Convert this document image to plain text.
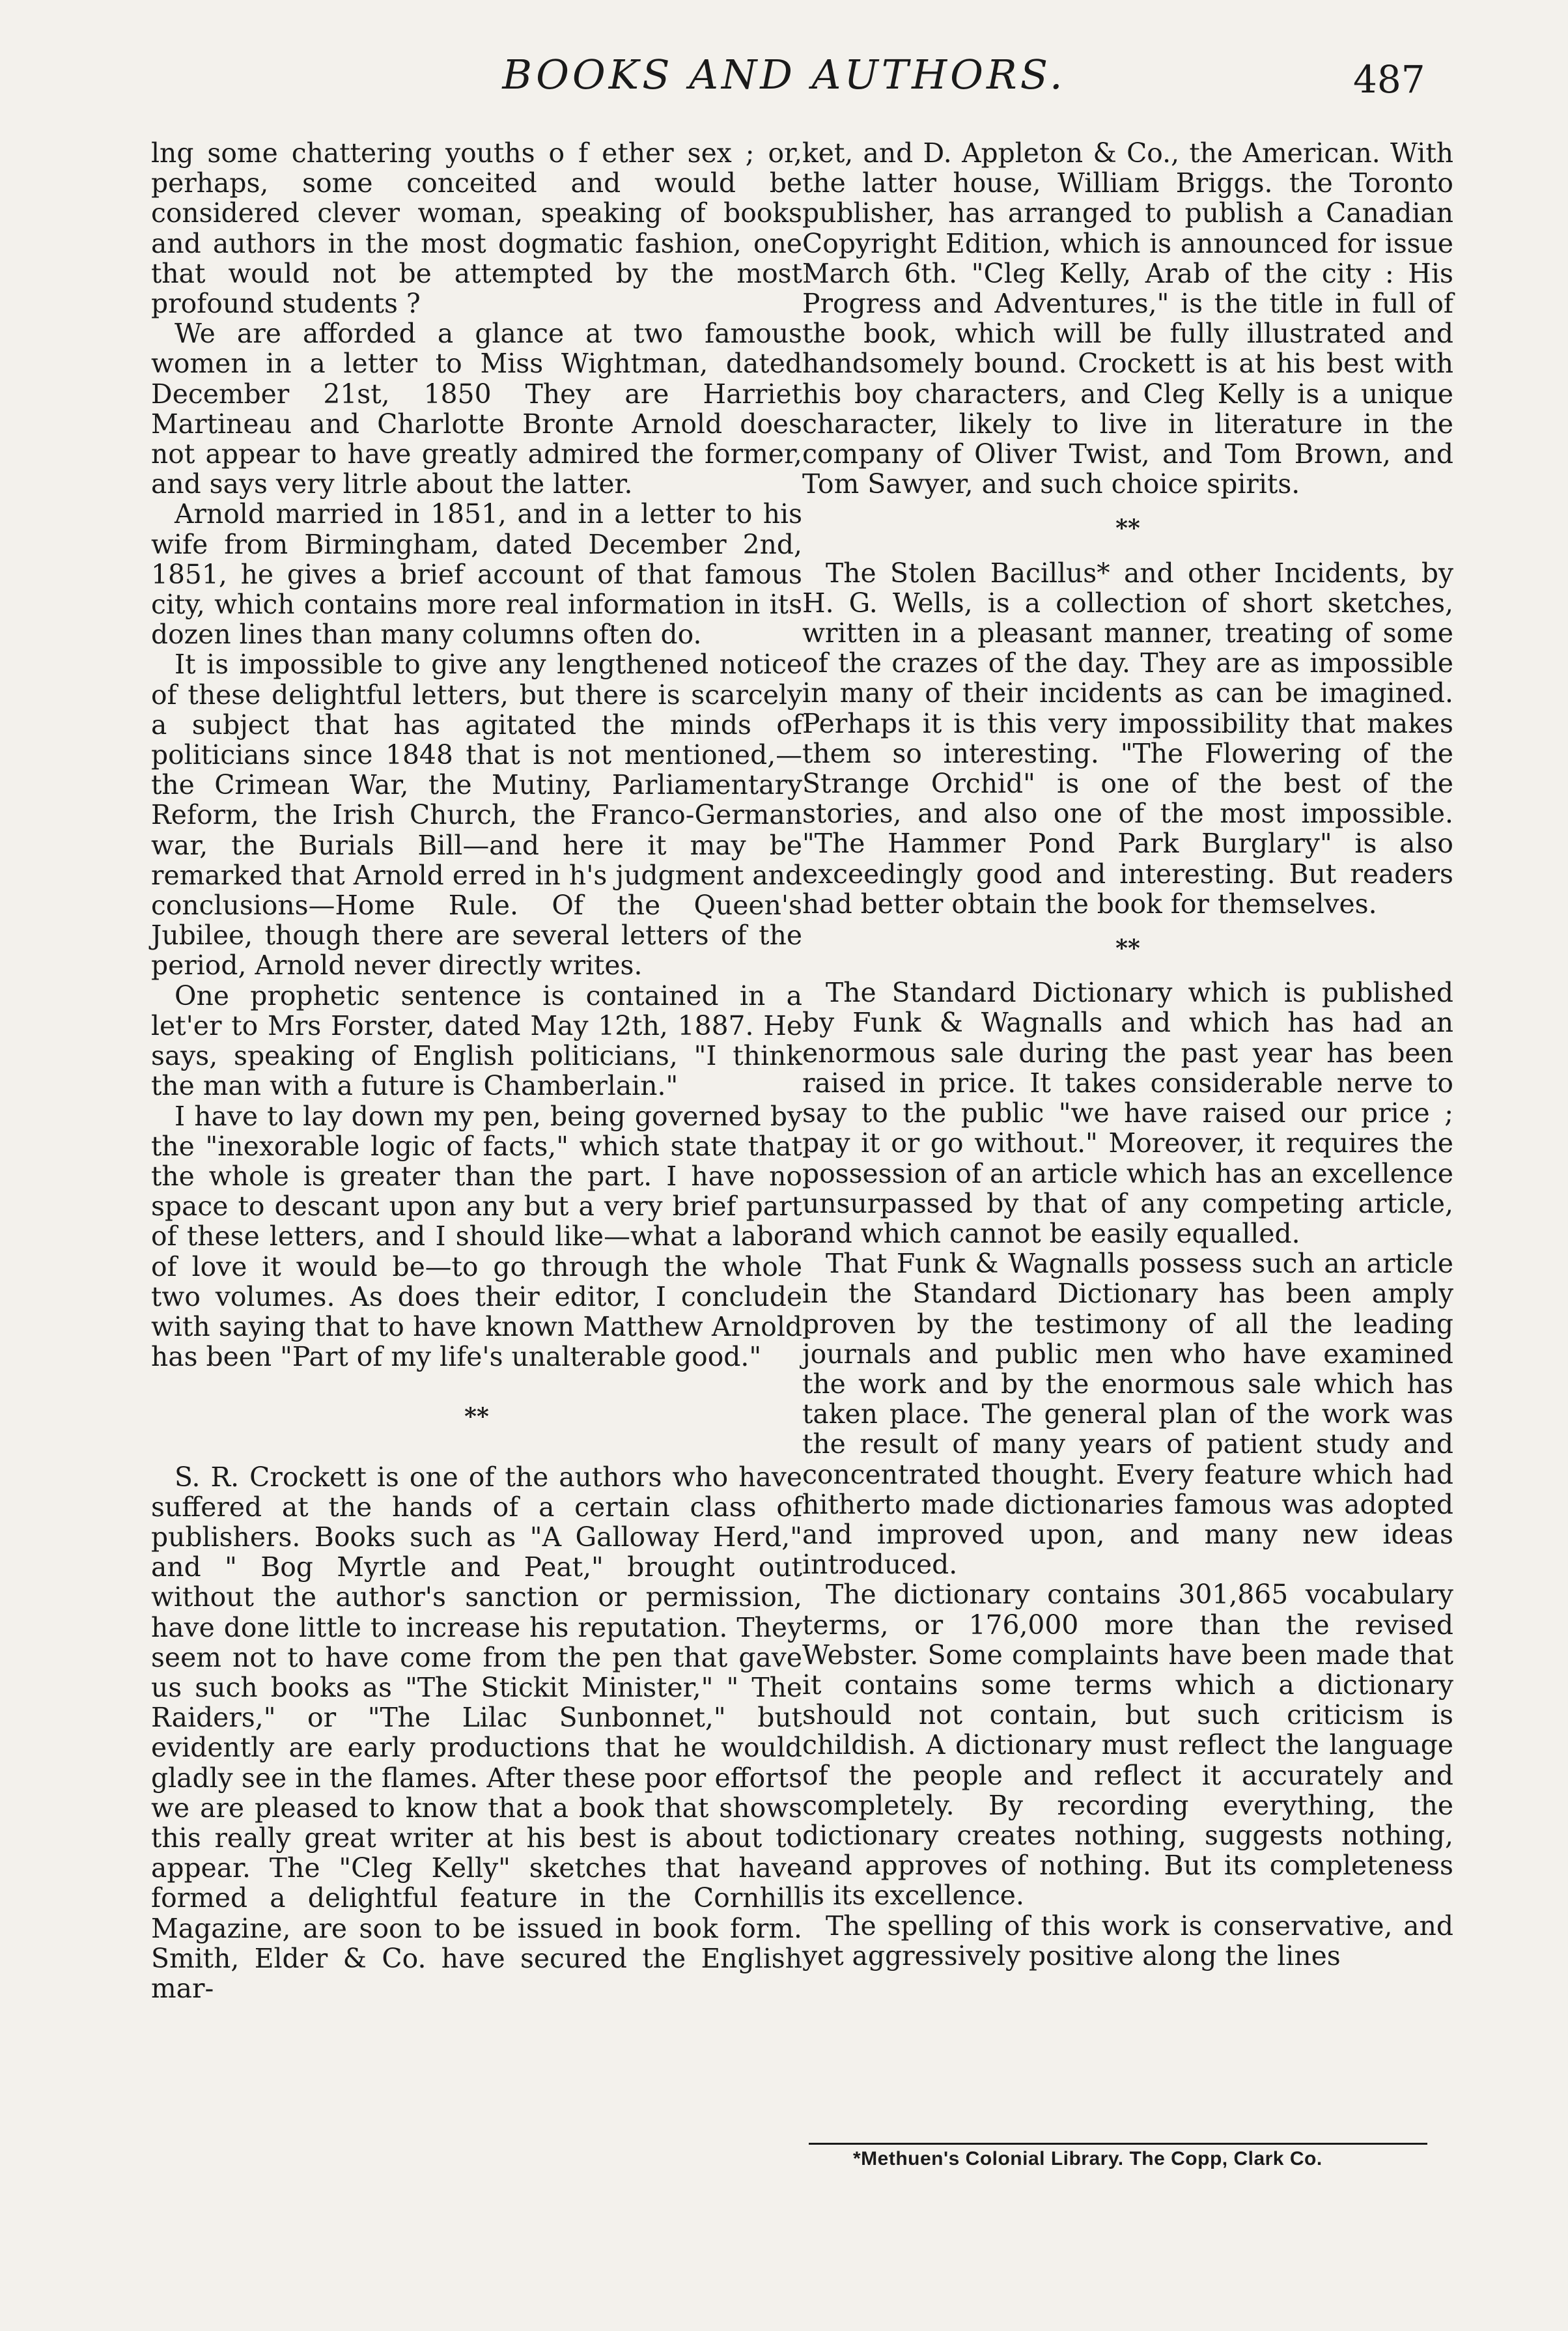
BOOKS AND AUTHORS.	487

lng some chattering youths o f ether sex ; or, perhaps, some conceited and would be considered clever woman, speaking of books and authors in the most dogmatic fashion, one that would not be attempted by the most profound students ?

We are afforded a glance at two famous women in a letter to Miss Wightman, dated December 21st, 1850 They are Harriet Martineau and Charlotte Bronte Arnold does not appear to have greatly admired the former, and says very litrle about the latter.

Arnold married in 1851, and in a letter to his wife from Birmingham, dated December 2nd, 1851, he gives a brief account of that famous city, which contains more real information in its dozen lines than many columns often do.

It is impossible to give any lengthened notice of these delightful letters, but there is scarcely a subject that has agitated the minds of politicians since 1848 that is not mentioned,—the Crimean War, the Mutiny, Parliamentary Reform, the Irish Church, the Franco-German war, the Burials Bill—and here it may be remarked that Arnold erred in h's judgment and conclusions—Home Rule. Of the Queen's Jubilee, though there are several letters of the period, Arnold never directly writes.

One prophetic sentence is contained in a let'er to Mrs Forster, dated May 12th, 1887. He says, speaking of English politicians, "I think the man with a future is Chamberlain."

I have to lay down my pen, being governed by the "inexorable logic of facts," which state that the whole is greater than the part. I have no space to descant upon any but a very brief part of these letters, and I should like—what a labor of love it would be—to go through the whole two volumes. As does their editor, I conclude with saying that to have known Matthew Arnold has been "Part of my life's unalterable good."

**

S. R. Crockett is one of the authors who have suffered at the hands of a certain class of publishers. Books such as "A Galloway Herd," and " Bog Myrtle and Peat," brought out without the author's sanction or permission, have done little to increase his reputation. They seem not to have come from the pen that gave us such books as "The Stickit Minister," " The Raiders," or "The Lilac Sunbonnet," but evidently are early productions that he would gladly see in the flames. After these poor efforts we are pleased to know that a book that shows this really great writer at his best is about to appear. The "Cleg Kelly" sketches that have formed a delightful feature in the Cornhill Magazine, are soon to be issued in book form. Smith, Elder & Co. have secured the English mar-

ket, and D. Appleton & Co., the American. With the latter house, William Briggs. the Toronto publisher, has arranged to publish a Canadian Copyright Edition, which is announced for issue March 6th. "Cleg Kelly, Arab of the city : His Progress and Adventures," is the title in full of the book, which will be fully illustrated and handsomely bound. Crockett is at his best with his boy characters, and Cleg Kelly is a unique character, likely to live in literature in the company of Oliver Twist, and Tom Brown, and Tom Sawyer, and such choice spirits.

**

The Stolen Bacillus* and other Incidents, by H. G. Wells, is a collection of short sketches, written in a pleasant manner, treating of some of the crazes of the day. They are as impossible in many of their incidents as can be imagined. Perhaps it is this very impossibility that makes them so interesting. "The Flowering of the Strange Orchid" is one of the best of the stories, and also one of the most impossible. "The Hammer Pond Park Burglary" is also exceedingly good and interesting. But readers had better obtain the book for themselves.

**

The Standard Dictionary which is published by Funk & Wagnalls and which has had an enormous sale during the past year has been raised in price. It takes considerable nerve to say to the public "we have raised our price ; pay it or go without." Moreover, it requires the possession of an article which has an excellence unsurpassed by that of any competing article, and which cannot be easily equalled.

That Funk & Wagnalls possess such an article in the Standard Dictionary has been amply proven by the testimony of all the leading journals and public men who have examined the work and by the enormous sale which has taken place. The general plan of the work was the result of many years of patient study and concentrated thought. Every feature which had hitherto made dictionaries famous was adopted and improved upon, and many new ideas introduced.

The dictionary contains 301,865 vocabulary terms, or 176,000 more than the revised Webster. Some complaints have been made that it contains some terms which a dictionary should not contain, but such criticism is childish. A dictionary must reflect the language of the people and reflect it accurately and completely. By recording everything, the dictionary creates nothing, suggests nothing, and approves of nothing. But its completeness is its excellence.

The spelling of this work is conservative, and yet aggressively positive along the lines

*Methuen's Colonial Library. The Copp, Clark Co.
